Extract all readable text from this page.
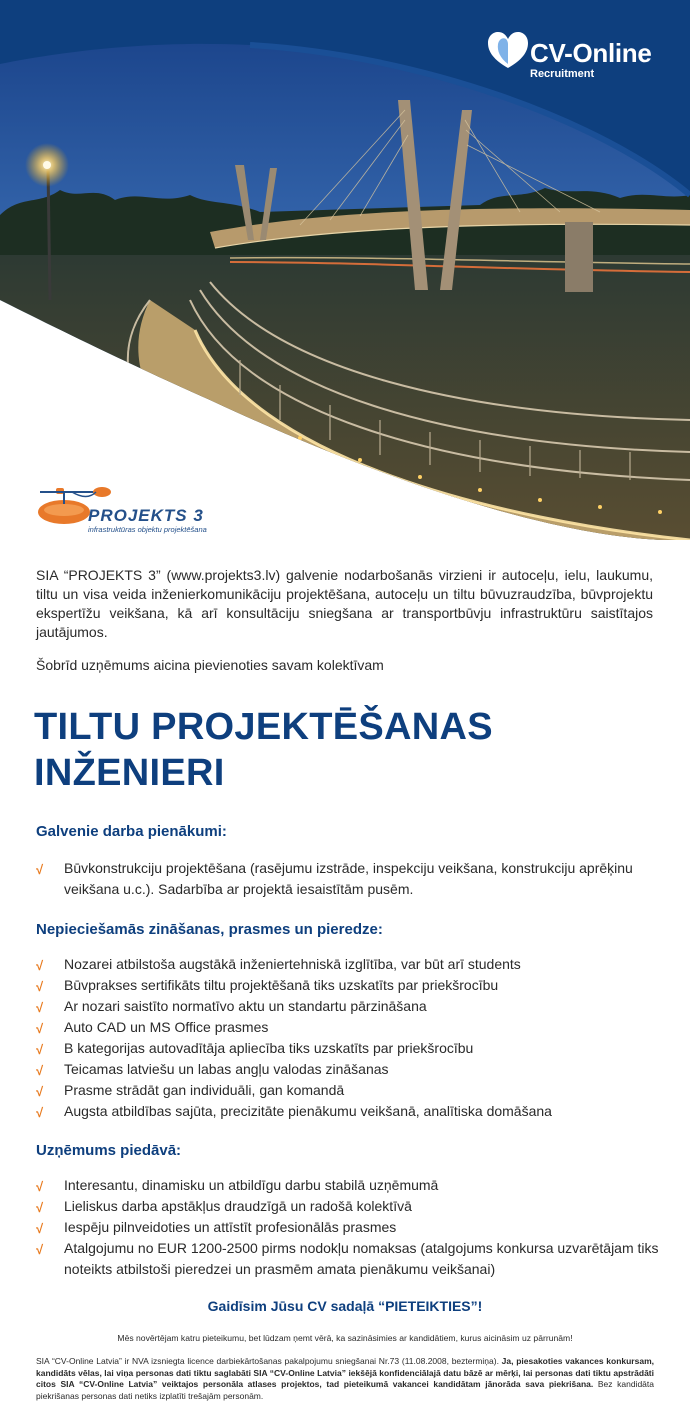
CV-Online
Recruitment
PROJEKTS 3
infrastruktūras objektu projektēšana

SIA “PROJEKTS 3” (www.projekts3.lv) galvenie nodarbošanās virzieni ir autoceļu, ielu, laukumu, tiltu un visa veida inženierkomunikāciju projektēšana, autoceļu un tiltu būvuzraudzība, būvprojektu ekspertīžu veikšana, kā arī konsultāciju sniegšana ar transportbūvju infrastruktūru saistītajos jautājumos.

Šobrīd uzņēmums aicina pievienoties savam kolektīvam

TILTU PROJEKTĒŠANAS
INŽENIERI
Galvenie darba pienākumi:
√	Būvkonstrukciju projektēšana (rasējumu izstrāde, inspekciju veikšana, konstrukciju aprēķinu veikšana u.c.). Sadarbība ar projektā iesaistītām pusēm.
Nepieciešamās zināšanas, prasmes un pieredze:
√	Nozarei atbilstoša augstākā inženiertehniskā izglītība, var būt arī students
√	Būvprakses sertifikāts tiltu projektēšanā tiks uzskatīts par priekšrocību
√	Ar nozari saistīto normatīvo aktu un standartu pārzināšana
√	Auto CAD un MS Office prasmes
√	B kategorijas autovadītāja apliecība tiks uzskatīts par priekšrocību
√	Teicamas latviešu un labas angļu valodas zināšanas
√	Prasme strādāt gan individuāli, gan komandā
√	Augsta atbildības sajūta, precizitāte pienākumu veikšanā, analītiska domāšana
Uzņēmums piedāvā:
√	Interesantu, dinamisku un atbildīgu darbu stabilā uzņēmumā
√	Lieliskus darba apstākļus draudzīgā un radošā kolektīvā
√	Iespēju pilnveidoties un attīstīt profesionālās prasmes
√	Atalgojumu no EUR 1200-2500 pirms nodokļu nomaksas (atalgojums konkursa uzvarētājam tiks noteikts atbilstoši pieredzei un prasmēm amata pienākumu veikšanai)

Gaidīsim Jūsu CV sadaļā “PIETEIKTIES”!

Mēs novērtējam katru pieteikumu, bet lūdzam ņemt vērā, ka sazināsimies ar kandidātiem, kurus aicināsim uz pārrunām!

SIA “CV-Online Latvia” ir NVA izsniegta licence darbiekārtošanas pakalpojumu sniegšanai Nr.73 (11.08.2008, beztermiņa). Ja, piesakoties vakances konkursam, kandidāts vēlas, lai viņa personas dati tiktu saglabāti SIA “CV-Online Latvia” iekšējā konfidenciālajā datu bāzē ar mērķi, lai personas dati tiktu apstrādāti citos SIA “CV-Online Latvia” veiktajos personāla atlases projektos, tad pieteikumā vakancei kandidātam jānorāda sava piekrišana. Bez kandidāta piekrišanas personas dati netiks izplatīti trešajām personām.
